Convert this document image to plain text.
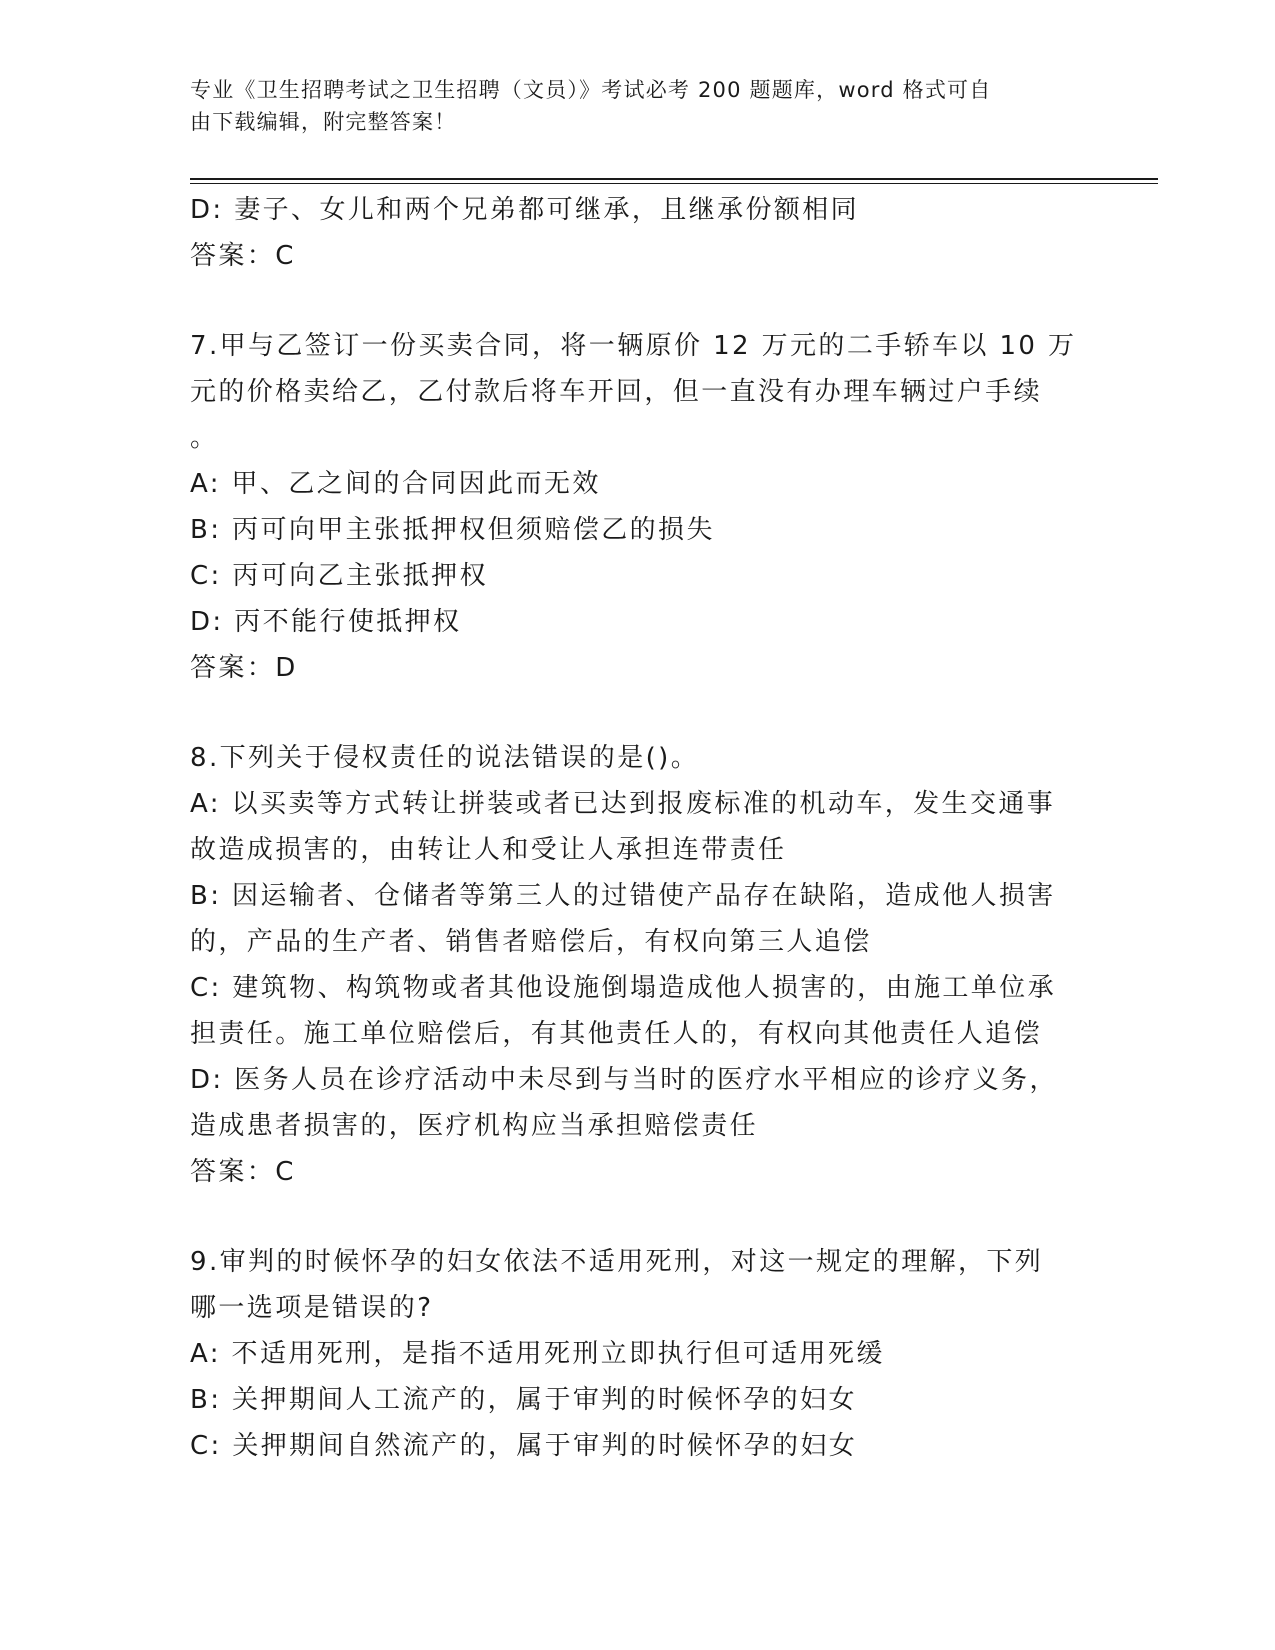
专业《卫生招聘考试之卫生招聘（文员）》考试必考 200 题题库，word 格式可自
由下载编辑，附完整答案！
D: 妻子、女儿和两个兄弟都可继承，且继承份额相同
答案：C
7.甲与乙签订一份买卖合同，将一辆原价 12 万元的二手轿车以 10 万
元的价格卖给乙，乙付款后将车开回，但一直没有办理车辆过户手续
。
A: 甲、乙之间的合同因此而无效
B: 丙可向甲主张抵押权但须赔偿乙的损失
C: 丙可向乙主张抵押权
D: 丙不能行使抵押权
答案：D
8.下列关于侵权责任的说法错误的是()。
A: 以买卖等方式转让拼装或者已达到报废标准的机动车，发生交通事
故造成损害的，由转让人和受让人承担连带责任
B: 因运输者、仓储者等第三人的过错使产品存在缺陷，造成他人损害
的，产品的生产者、销售者赔偿后，有权向第三人追偿
C: 建筑物、构筑物或者其他设施倒塌造成他人损害的，由施工单位承
担责任。施工单位赔偿后，有其他责任人的，有权向其他责任人追偿
D: 医务人员在诊疗活动中未尽到与当时的医疗水平相应的诊疗义务，
造成患者损害的，医疗机构应当承担赔偿责任
答案：C
9.审判的时候怀孕的妇女依法不适用死刑，对这一规定的理解，下列
哪一选项是错误的?
A: 不适用死刑，是指不适用死刑立即执行但可适用死缓
B: 关押期间人工流产的，属于审判的时候怀孕的妇女
C: 关押期间自然流产的，属于审判的时候怀孕的妇女
